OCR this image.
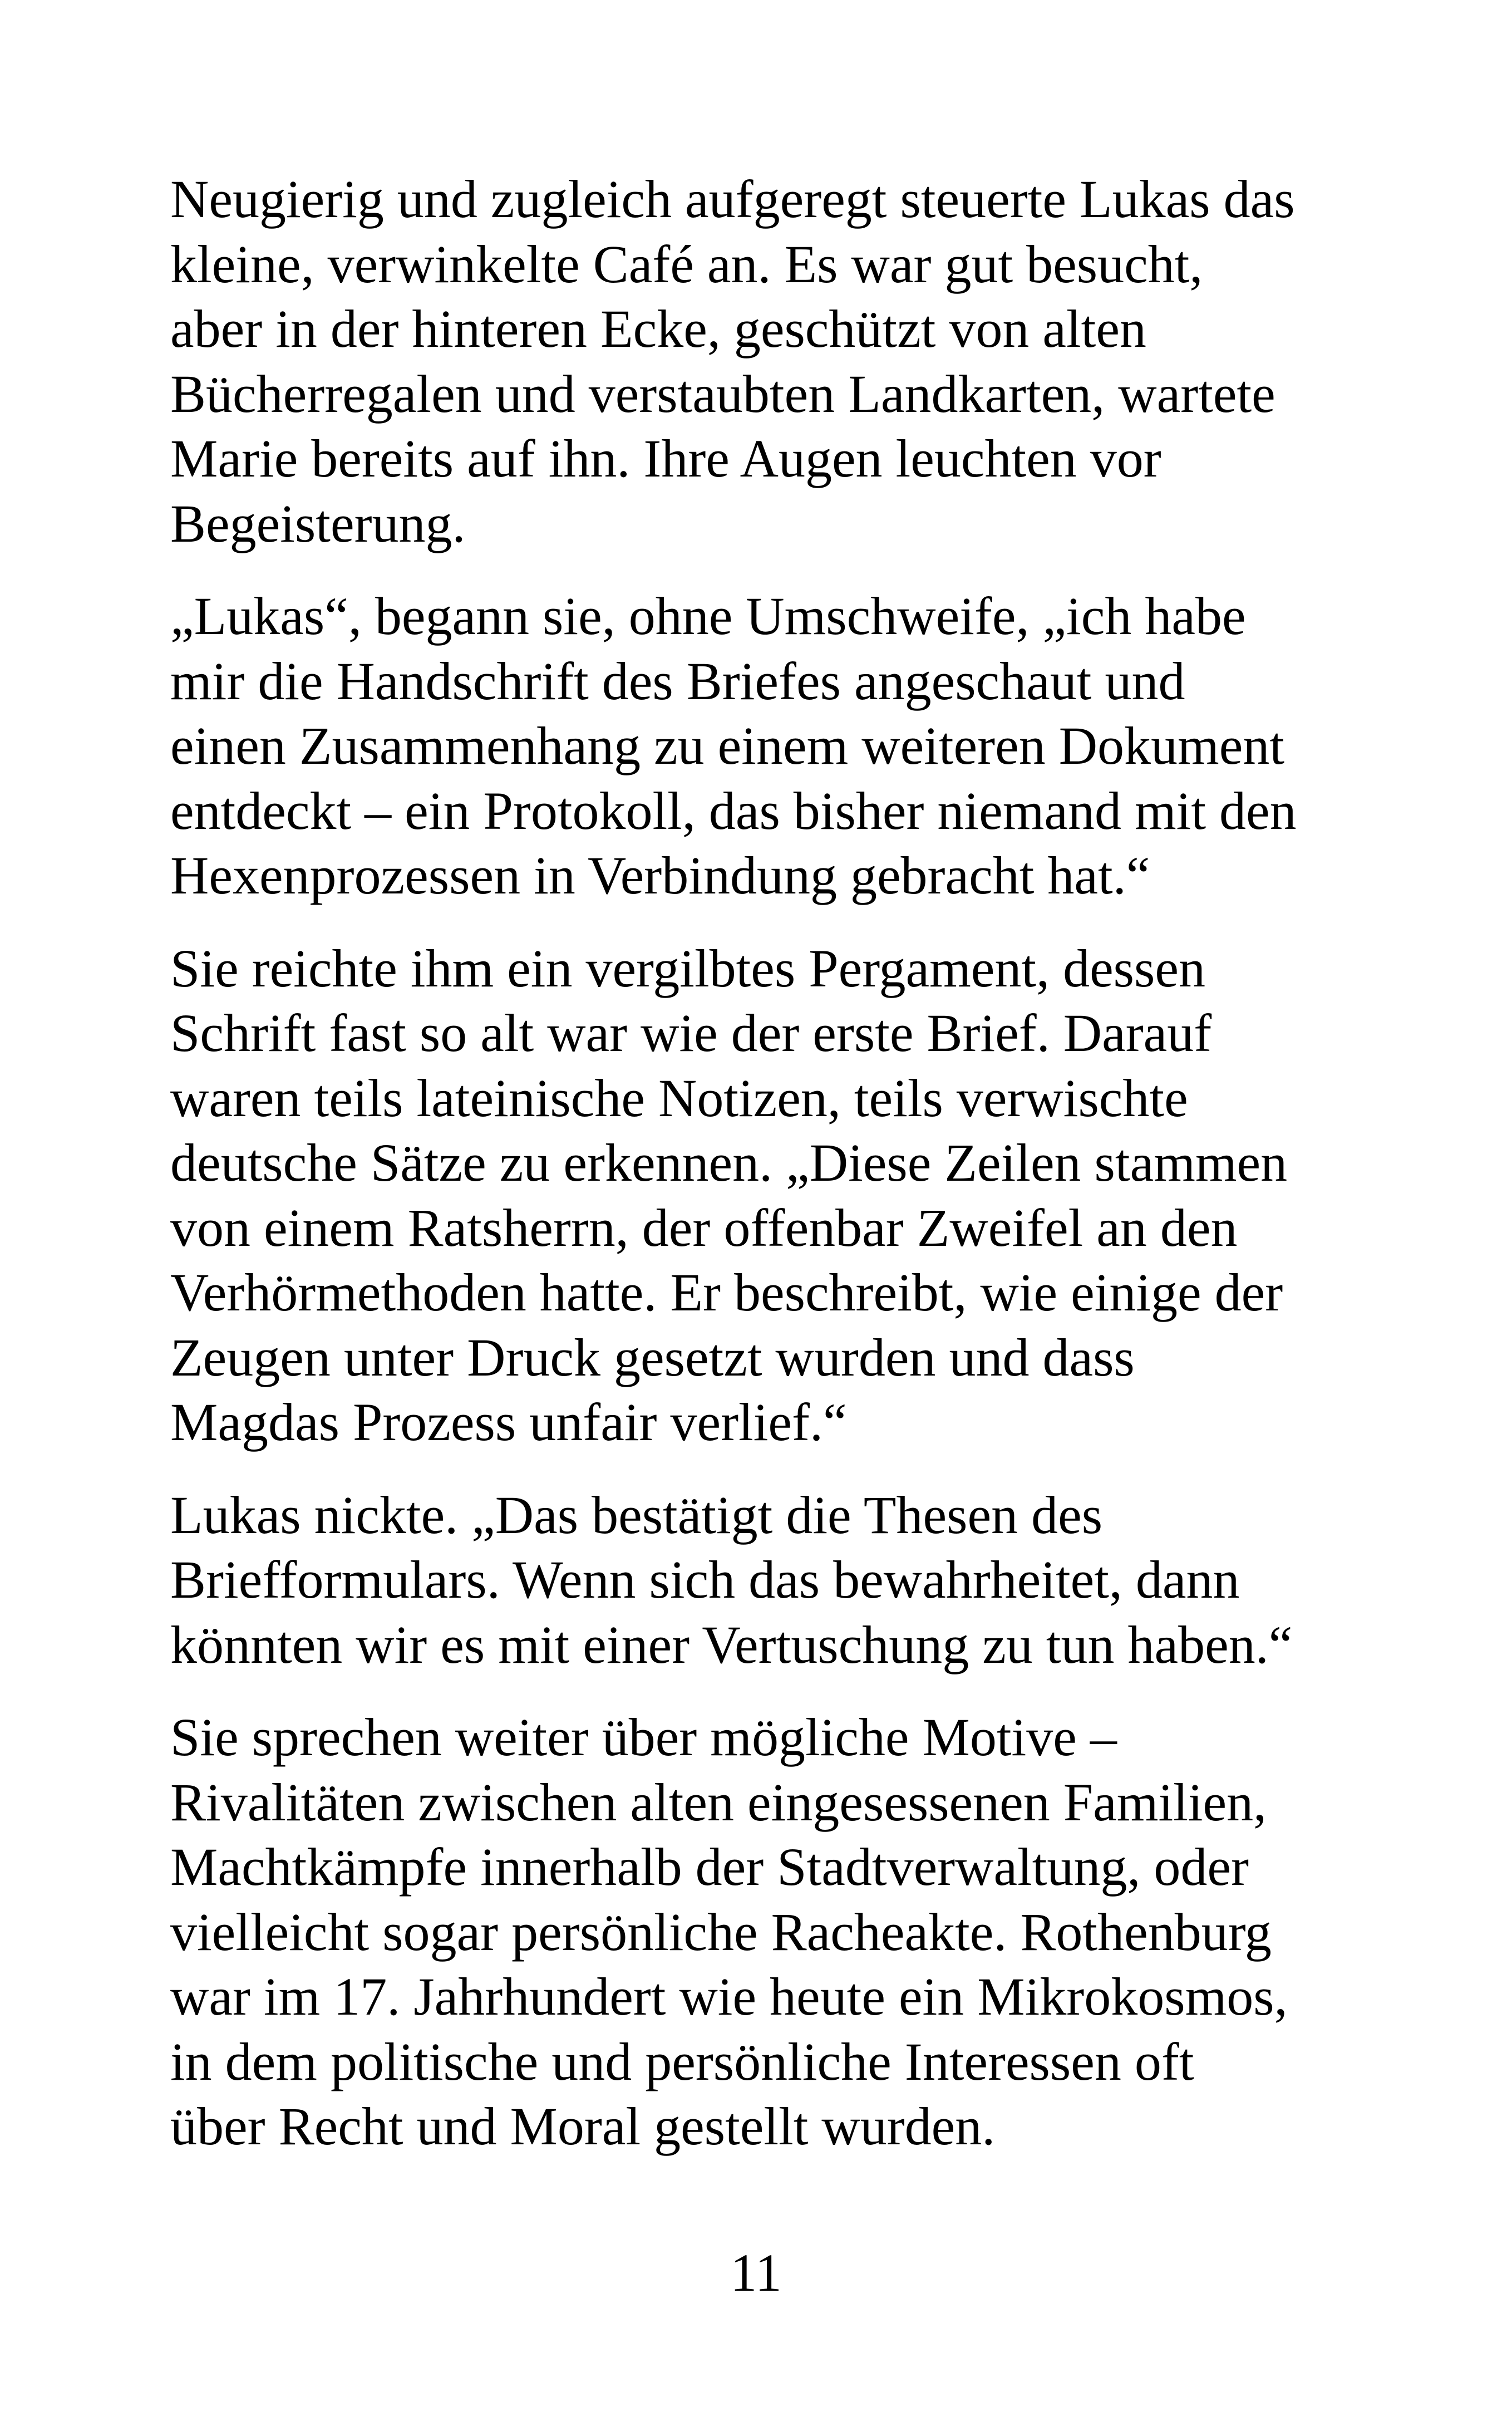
Neugierig und zugleich aufgeregt steuerte Lukas das
kleine, verwinkelte Café an. Es war gut besucht,
aber in der hinteren Ecke, geschützt von alten
Bücherregalen und verstaubten Landkarten, wartete
Marie bereits auf ihn. Ihre Augen leuchten vor
Begeisterung.

„Lukas“, begann sie, ohne Umschweife, „ich habe
mir die Handschrift des Briefes angeschaut und
einen Zusammenhang zu einem weiteren Dokument
entdeckt – ein Protokoll, das bisher niemand mit den
Hexenprozessen in Verbindung gebracht hat.“

Sie reichte ihm ein vergilbtes Pergament, dessen
Schrift fast so alt war wie der erste Brief. Darauf
waren teils lateinische Notizen, teils verwischte
deutsche Sätze zu erkennen. „Diese Zeilen stammen
von einem Ratsherrn, der offenbar Zweifel an den
Verhörmethoden hatte. Er beschreibt, wie einige der
Zeugen unter Druck gesetzt wurden und dass
Magdas Prozess unfair verlief.“

Lukas nickte. „Das bestätigt die Thesen des
Briefformulars. Wenn sich das bewahrheitet, dann
könnten wir es mit einer Vertuschung zu tun haben.“

Sie sprechen weiter über mögliche Motive –
Rivalitäten zwischen alten eingesessenen Familien,
Machtkämpfe innerhalb der Stadtverwaltung, oder
vielleicht sogar persönliche Racheakte. Rothenburg
war im 17. Jahrhundert wie heute ein Mikrokosmos,
in dem politische und persönliche Interessen oft
über Recht und Moral gestellt wurden.

11
